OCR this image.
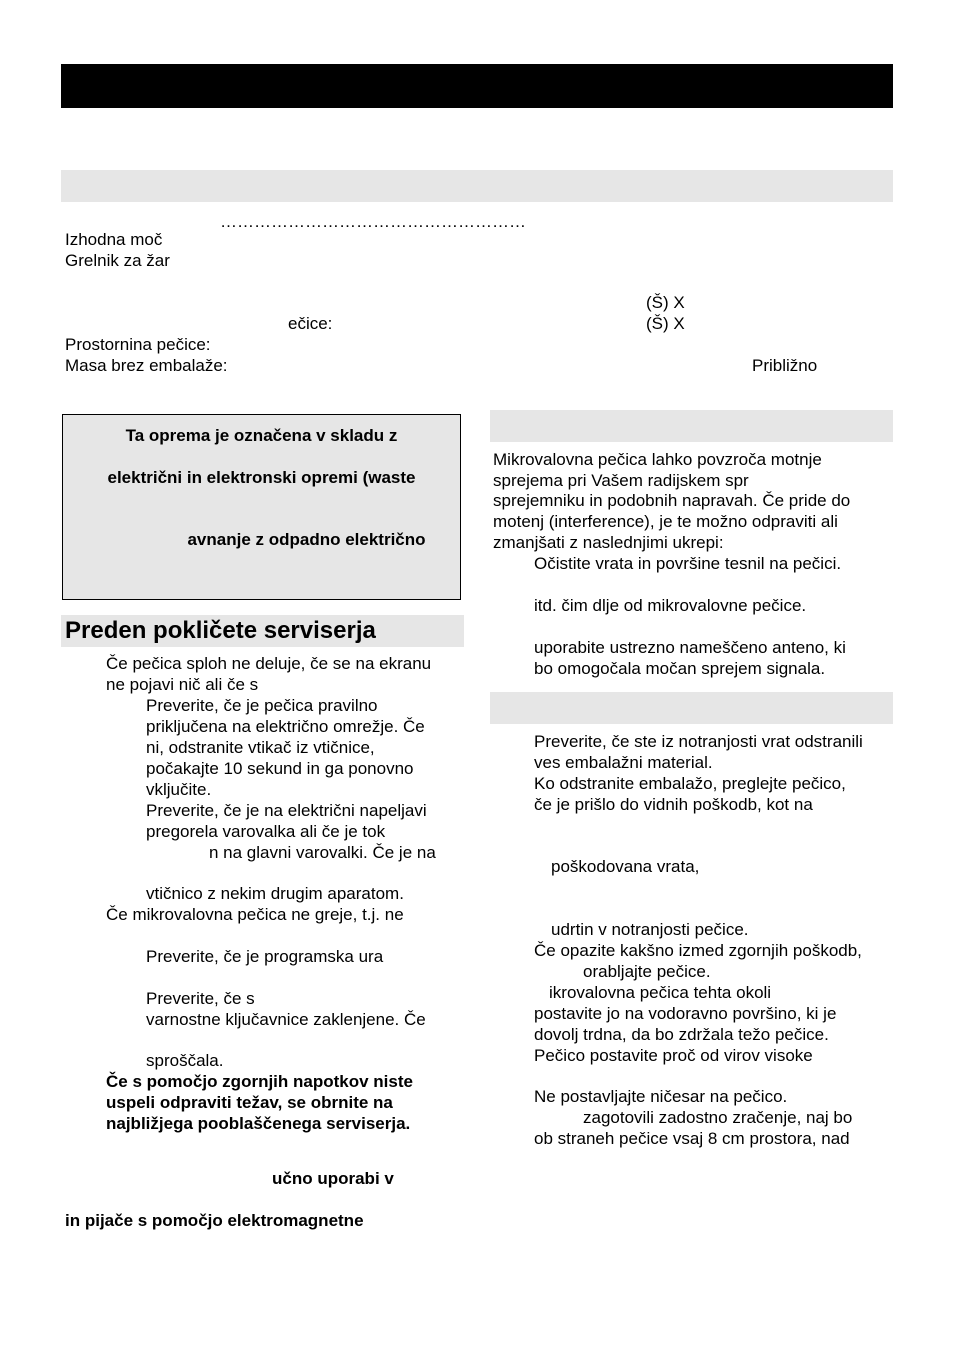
………………………………………………
Izhodna moč
Grelnik za žar
(Š) X
ečice:	(Š) X
Prostornina pečice:
Masa brez embalaže:	Približno
Ta oprema je označena v skladu z
električni in elektronski opremi (waste
avnanje z odpadno električno
Preden pokličete serviserja
Če pečica sploh ne deluje, če se na ekranu
ne pojavi nič ali če s
Preverite, če je pečica pravilno
priključena na električno omrežje. Če
ni, odstranite vtikač iz vtičnice,
počakajte 10 sekund in ga ponovno
vključite.
Preverite, če je na električni napeljavi
pregorela varovalka ali če je tok
n na glavni varovalki. Če je na
vtičnico z nekim drugim aparatom.
Če mikrovalovna pečica ne greje, t.j. ne
Preverite, če je programska ura
Preverite, če s
varnostne ključavnice zaklenjene. Če
sproščala.
Če s pomočjo zgornjih napotkov niste
uspeli odpraviti težav, se obrnite na
najbližjega pooblaščenega serviserja.
učno uporabi v
in pijače s pomočjo elektromagnetne
Mikrovalovna pečica lahko povzroča motnje
sprejema pri Vašem radijskem spr
sprejemniku in podobnih napravah. Če pride do
motenj (interference), je te možno odpraviti ali
zmanjšati z naslednjimi ukrepi:
Očistite vrata in površine tesnil na pečici.
itd. čim dlje od mikrovalovne pečice.
uporabite ustrezno nameščeno anteno, ki
bo omogočala močan sprejem signala.
Preverite, če ste iz notranjosti vrat odstranili
ves embalažni material.
Ko odstranite embalažo, preglejte pečico,
če je prišlo do vidnih poškodb, kot na
poškodovana vrata,
udrtin v notranjosti pečice.
Če opazite kakšno izmed zgornjih poškodb,
orabljajte pečice.
ikrovalovna pečica tehta okoli
postavite jo na vodoravno površino, ki je
dovolj trdna, da bo zdržala težo pečice.
Pečico postavite proč od virov visoke
Ne postavljajte ničesar na pečico.
zagotovili zadostno zračenje, naj bo
ob straneh pečice vsaj 8 cm prostora, nad
